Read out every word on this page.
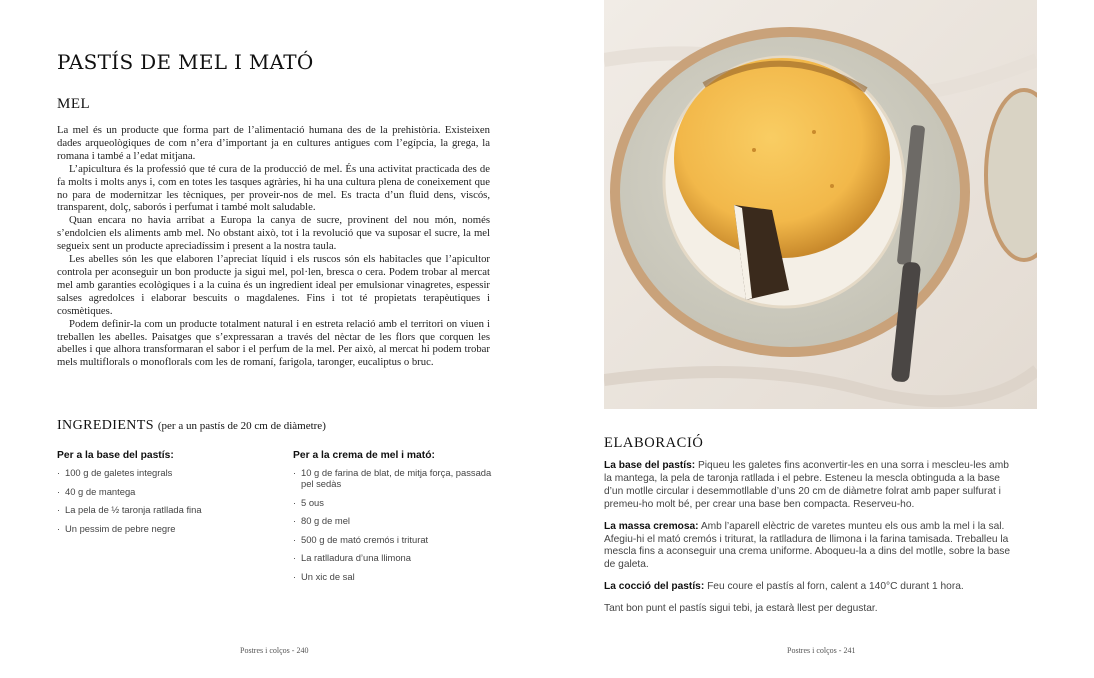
PASTÍS DE MEL I MATÓ
MEL

La mel és un producte que forma part de l’alimentació humana des de la prehistòria. Existeixen dades arqueològiques de com n’era d’important ja en cultures antigues com l’egípcia, la grega, la romana i també a l’edat mitjana.

L’apicultura és la professió que té cura de la producció de mel. És una activitat practicada des de fa molts i molts anys i, com en totes les tasques agràries, hi ha una cultura plena de coneixement que no para de modernitzar les tècniques, per proveir-nos de mel. Es tracta d’un fluid dens, viscós, transparent, dolç, saborós i perfumat i també molt saludable.

Quan encara no havia arribat a Europa la canya de sucre, provinent del nou món, només s’endolcien els aliments amb mel. No obstant això, tot i la revolució que va suposar el sucre, la mel segueix sent un producte apreciadíssim i present a la nostra taula.

Les abelles són les que elaboren l’apreciat líquid i els ruscos són els habitacles que l’apicultor controla per aconseguir un bon producte ja sigui mel, pol·len, bresca o cera. Podem trobar al mercat mel amb garanties ecològiques i a la cuina és un ingredient ideal per emulsionar vinagretes, espessir salses agredolces i elaborar bescuits o magdalenes. Fins i tot té propietats terapèutiques i cosmètiques.

Podem definir-la com un producte totalment natural i en estreta relació amb el territori on viuen i treballen les abelles. Paisatges que s’expressaran a través del nèctar de les flors que corquen les abelles i que alhora transformaran el sabor i el perfum de la mel. Per això, al mercat hi podem trobar mels multiflorals o monoflorals com les de romaní, farigola, taronger, eucaliptus o bruc.

INGREDIENTS (per a un pastís de 20 cm de diàmetre)
Per a la base del pastís:
· 100 g de galetes integrals
· 40 g de mantega
· La pela de ½ taronja ratllada fina
· Un pessim de pebre negre
Per a la crema de mel i mató:
· 10 g de farina de blat, de mitja força, passada pel sedàs
· 5 ous
· 80 g de mel
· 500 g de mató cremós i triturat
· La ratlladura d’una llimona
· Un xic de sal
Postres i colços - 240
ELABORACIÓ

La base del pastís: Piqueu les galetes fins aconvertir-les en una sorra i mescleu-les amb la mantega, la pela de taronja ratllada i el pebre. Esteneu la mescla obtinguda a la base d’un motlle circular i desemmotllable d’uns 20 cm de diàmetre folrat amb paper sulfurat i premeu-ho molt bé, per crear una base ben compacta. Reserveu-ho.

La massa cremosa: Amb l’aparell elèctric de varetes munteu els ous amb la mel i la sal. Afegiu-hi el mató cremós i triturat, la ratlladura de llimona i la farina tamisada. Treballeu la mescla fins a aconseguir una crema uniforme. Aboqueu-la a dins del motlle, sobre la base de galeta.

La cocció del pastís: Feu coure el pastís al forn, calent a 140°C durant 1 hora.

Tant bon punt el pastís sigui tebi, ja estarà llest per degustar.

Postres i colços - 241
